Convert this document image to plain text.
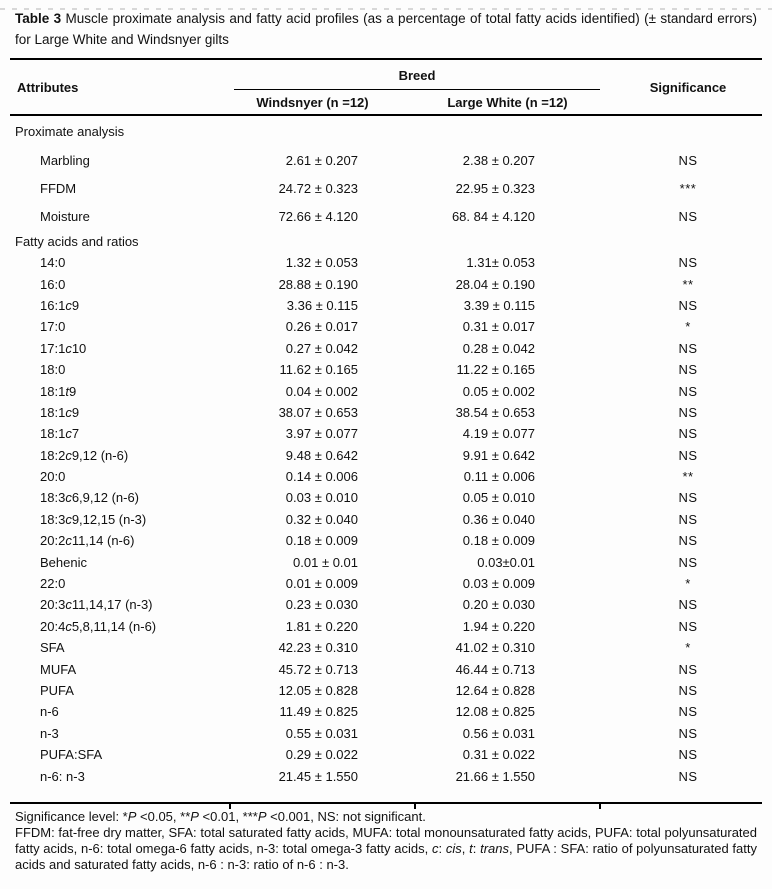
Table 3 Muscle proximate analysis and fatty acid profiles (as a percentage of total fatty acids identified) (± standard errors) for Large White and Windsnyer gilts

Attributes
Breed
Windsnyer (n =12)	Large White (n =12)
Significance
Proximate analysis
Marbling	2.61 ± 0.207	2.38 ± 0.207	NS
FFDM	24.72 ± 0.323	22.95 ± 0.323	***
Moisture	72.66 ± 4.120	68. 84 ± 4.120	NS
Fatty acids and ratios
14:0	1.32 ± 0.053	1.31± 0.053	NS
16:0	28.88 ± 0.190	28.04 ± 0.190	**
16:1c9	3.36 ± 0.115	3.39 ± 0.115	NS
17:0	0.26 ± 0.017	0.31 ± 0.017	*
17:1c10	0.27 ± 0.042	0.28 ± 0.042	NS
18:0	11.62 ± 0.165	11.22 ± 0.165	NS
18:1t9	0.04 ± 0.002	0.05 ± 0.002	NS
18:1c9	38.07 ± 0.653	38.54 ± 0.653	NS
18:1c7	3.97 ± 0.077	4.19 ± 0.077	NS
18:2c9,12 (n-6)	9.48 ± 0.642	9.91 ± 0.642	NS
20:0	0.14 ± 0.006	0.11 ± 0.006	**
18:3c6,9,12 (n-6)	0.03 ± 0.010	0.05 ± 0.010	NS
18:3c9,12,15 (n-3)	0.32 ± 0.040	0.36 ± 0.040	NS
20:2c11,14 (n-6)	0.18 ± 0.009	0.18 ± 0.009	NS
Behenic	0.01 ± 0.01	0.03±0.01	NS
22:0	0.01 ± 0.009	0.03 ± 0.009	*
20:3c11,14,17 (n-3)	0.23 ± 0.030	0.20 ± 0.030	NS
20:4c5,8,11,14 (n-6)	1.81 ± 0.220	1.94 ± 0.220	NS
SFA	42.23 ± 0.310	41.02 ± 0.310	*
MUFA	45.72 ± 0.713	46.44 ± 0.713	NS
PUFA	12.05 ± 0.828	12.64 ± 0.828	NS
n-6	11.49 ± 0.825	12.08 ± 0.825	NS
n-3	0.55 ± 0.031	0.56 ± 0.031	NS
PUFA:SFA	0.29 ± 0.022	0.31 ± 0.022	NS
n-6: n-3	21.45 ± 1.550	21.66 ± 1.550	NS
Significance level: *P <0.05, **P <0.01, ***P <0.001, NS: not significant.
FFDM: fat-free dry matter, SFA: total saturated fatty acids, MUFA: total monounsaturated fatty acids, PUFA: total polyunsaturated fatty acids, n-6: total omega-6 fatty acids, n-3: total omega-3 fatty acids, c: cis, t: trans, PUFA : SFA: ratio of polyunsaturated fatty acids and saturated fatty acids, n-6 : n-3: ratio of n-6 : n-3.
